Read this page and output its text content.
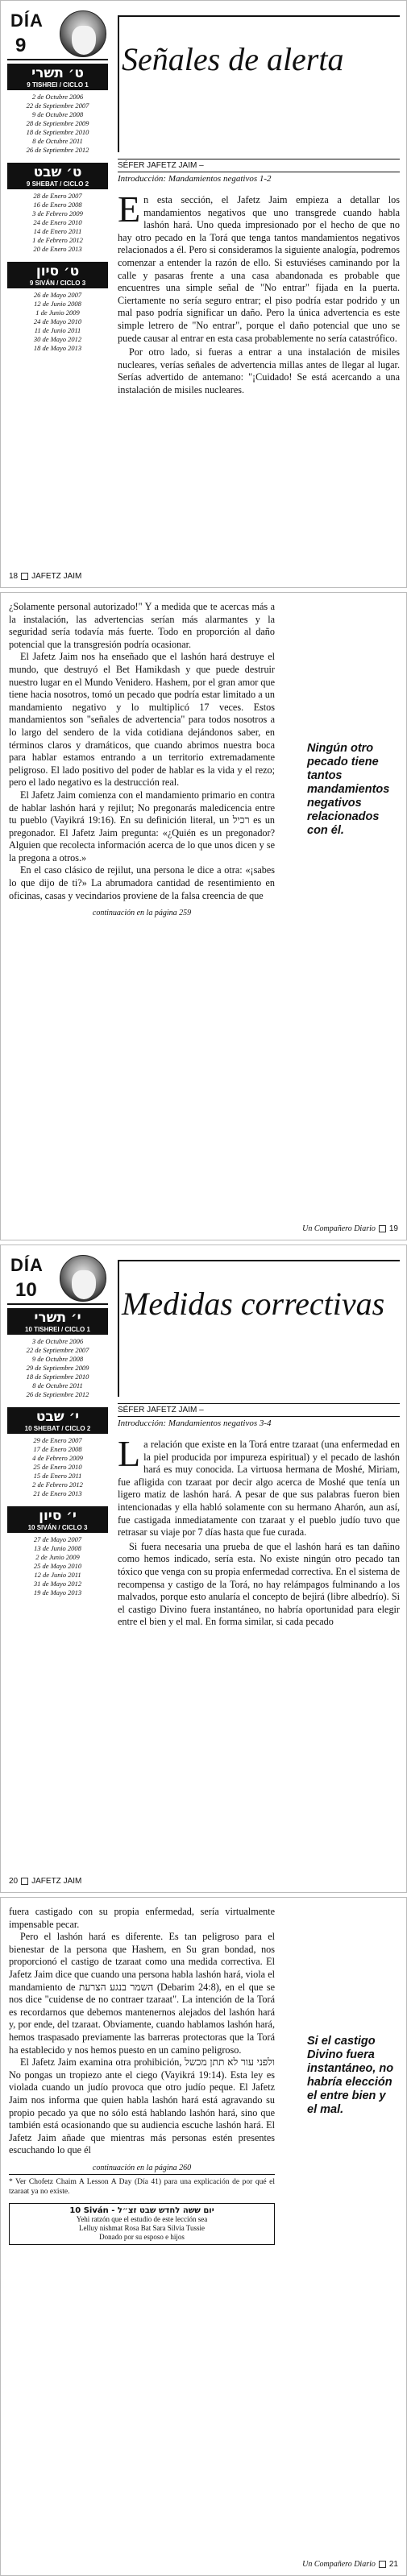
DÍA
9
ט׳ תשרי
9 TISHREI / CICLO 1
2 de Octubre 2006
22 de Septiembre 2007
9 de Octubre 2008
28 de Septiembre 2009
18 de Septiembre 2010
8 de Octubre 2011
26 de Septiembre 2012
ט׳ שבט
9 SHEBAT / CICLO 2
28 de Enero 2007
16 de Enero 2008
3 de Febrero 2009
24 de Enero 2010
14 de Enero 2011
1 de Febrero 2012
20 de Enero 2013
ט׳ סיון
9 SIVÁN / CICLO 3
26 de Mayo 2007
12 de Junio 2008
1 de Junio 2009
24 de Mayo 2010
11 de Junio 2011
30 de Mayo 2012
18 de Mayo 2013
Señales de alerta
SÉFER JAFETZ JAIM –
Introducción: Mandamientos negativos 1-2
E n esta sección, el Jafetz Jaim empieza a detallar los mandamientos negativos que uno transgrede cuando habla lashón hará. Uno queda impresionado por el hecho de que no hay otro pecado en la Torá que tenga tantos mandamientos negativos relacionados a él. Pero si consideramos la siguiente analogía, podremos comenzar a entender la razón de ello. Si estuviéses caminando por la calle y pasaras frente a una casa abandonada es probable que encuentres una simple señal de "No entrar" fijada en la puerta. Ciertamente no sería seguro entrar; el piso podría estar podrido y un mal paso podría significar un daño. Pero la única advertencia es este simple letrero de "No entrar", porque el daño potencial que uno se puede causar al entrar en esta casa probablemente no sería catastrófico.

Por otro lado, si fueras a entrar a una instalación de misiles nucleares, verías señales de advertencia millas antes de llegar al lugar. Serías advertido de antemano: "¡Cuidado! Se está acercando a una instalación de misiles nucleares.

18 JAFETZ JAIM

¿Solamente personal autorizado!" Y a medida que te acercas más a la instalación, las advertencias serían más alarmantes y la seguridad sería todavía más fuerte. Todo en proporción al daño potencial que la transgresión podría ocasionar.

El Jafetz Jaim nos ha enseñado que el lashón hará destruye el mundo, que destruyó el Bet Hamikdash y que puede destruir nuestro lugar en el Mundo Venidero. Hashem, por el gran amor que tiene hacia nosotros, tomó un pecado que podría estar limitado a un mandamiento negativo y lo multiplicó 17 veces. Estos mandamientos son "señales de advertencia" para todos nosotros a lo largo del sendero de la vida cotidiana dejándonos saber, en términos claros y dramáticos, que cuando abrimos nuestra boca para hablar estamos entrando a un territorio extremadamente peligroso. El lado positivo del poder de hablar es la vida y el rezo; pero el lado negativo es la destrucción real.

El Jafetz Jaim comienza con el mandamiento primario en contra de hablar lashón hará y rejilut; No pregonarás maledicencia entre tu pueblo (Vayikrá 19:16). En su definición literal, un רכיל es un pregonador. El Jafetz Jaim pregunta: «¿Quién es un pregonador? Alguien que recolecta información acerca de lo que unos dicen y se la pregona a otros.»

En el caso clásico de rejilut, una persona le dice a otra: «¡sabes lo que dijo de ti?» La abrumadora cantidad de resentimiento en oficinas, casas y vecindarios proviene de la falsa creencia de que

continuación en la página 259

Ningún otro pecado tiene tantos mandamientos negativos relacionados con él.
Un Compañero Diario 19
DÍA
10
י׳ תשרי
10 TISHREI / CICLO 1
3 de Octubre 2006
22 de Septiembre 2007
9 de Octubre 2008
29 de Septiembre 2009
18 de Septiembre 2010
8 de Octubre 2011
26 de Septiembre 2012
י׳ שבט
10 SHEBAT / CICLO 2
29 de Enero 2007
17 de Enero 2008
4 de Febrero 2009
25 de Enero 2010
15 de Enero 2011
2 de Febrero 2012
21 de Enero 2013
י׳ סיון
10 SIVÁN / CICLO 3
27 de Mayo 2007
13 de Junio 2008
2 de Junio 2009
25 de Mayo 2010
12 de Junio 2011
31 de Mayo 2012
19 de Mayo 2013
Medidas correctivas
SÉFER JAFETZ JAIM –
Introducción: Mandamientos negativos 3-4
L a relación que existe en la Torá entre tzaraat (una enfermedad en la piel producida por impureza espiritual) y el pecado de lashón hará es muy conocida. La virtuosa hermana de Moshé, Miriam, fue afligida con tzaraat por decir algo acerca de Moshé que tenía un ligero matiz de lashón hará. A pesar de que sus palabras fueron bien intencionadas y ella habló solamente con su hermano Aharón, aun así, fue castigada inmediatamente con tzaraat y el pueblo judío tuvo que retrasar su viaje por 7 días hasta que fue curada.

Si fuera necesaria una prueba de que el lashón hará es tan dañino como hemos indicado, sería esta. No existe ningún otro pecado tan tóxico que venga con su propia enfermedad correctiva. En el sistema de recompensa y castigo de la Torá, no hay relámpagos fulminando a los malvados, porque esto anularía el concepto de bejirá (libre albedrío). Si el castigo Divino fuera instantáneo, no habría oportunidad para elegir entre el bien y el mal. En forma similar, si cada pecado

20 JAFETZ JAIM

fuera castigado con su propia enfermedad, sería virtualmente impensable pecar.

Pero el lashón hará es diferente. Es tan peligroso para el bienestar de la persona que Hashem, en Su gran bondad, nos proporcionó el castigo de tzaraat como una medida correctiva. El Jafetz Jaim dice que cuando una persona habla lashón hará, viola el mandamiento de השמר בנגע הצרעת (Debarim 24:8), en el que se nos dice "cuidense de no contraer tzaraat". La intención de la Torá es recordarnos que debemos mantenernos alejados del lashón hará y, por ende, del tzaraat. Obviamente, cuando hablamos lashón hará, hemos traspasado previamente las barreras protectoras que la Torá ha establecido y nos hemos puesto en un camino peligroso.

El Jafetz Jaim examina otra prohibición, ולפני עור לא תתן מכשל No pongas un tropiezo ante el ciego (Vayikrá 19:14). Esta ley es violada cuando un judío provoca que otro judío peque. El Jafetz Jaim nos informa que quien habla lashón hará está agravando su propio pecado ya que no sólo está hablando lashón hará, sino que también está ocasionando que su audiencia escuche lashón hará. El Jafetz Jaim añade que mientras más personas estén presentes escuchando lo que él

continuación en la página 260

* Ver Chofetz Chaim A Lesson A Day (Día 41) para una explicación de por qué el tzaraat ya no existe.

10 Siván - יום ששה לחדש שבט זצ״ל
Yehi ratzón que el estudio de este lección sea
Lelluy nishmat Rosa Bat Sara Silvia Tussie
Donado por su esposo e hijos
Si el castigo Divino fuera instantáneo, no habría elección el entre bien y el mal.
Un Compañero Diario 21
